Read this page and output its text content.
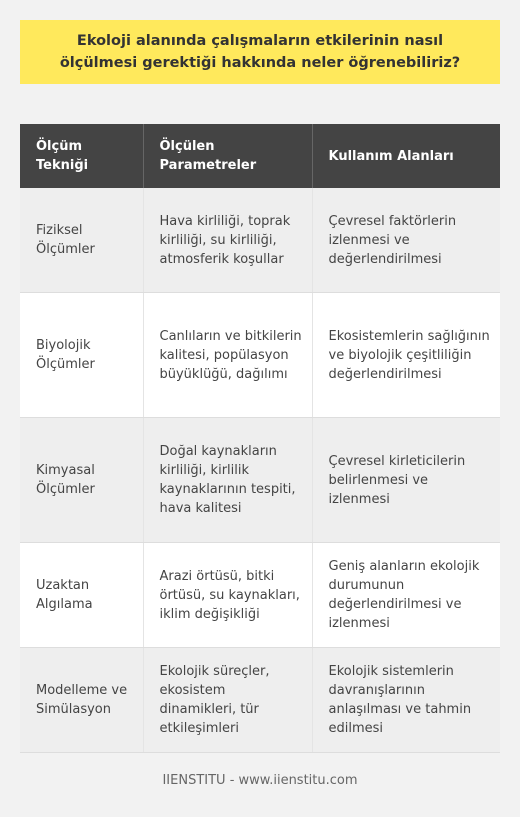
Ekoloji alanında çalışmaların etkilerinin nasıl ölçülmesi gerektiği hakkında neler öğrenebiliriz?
Ölçüm Tekniği	Ölçülen Parametreler	Kullanım Alanları
Fiziksel Ölçümler	Hava kirliliği, toprak kirliliği, su kirliliği, atmosferik koşullar	Çevresel faktörlerin izlenmesi ve değerlendirilmesi
Biyolojik Ölçümler	Canlıların ve bitkilerin kalitesi, popülasyon büyüklüğü, dağılımı	Ekosistemlerin sağlığının ve biyolojik çeşitliliğin değerlendirilmesi
Kimyasal Ölçümler	Doğal kaynakların kirliliği, kirlilik kaynaklarının tespiti, hava kalitesi	Çevresel kirleticilerin belirlenmesi ve izlenmesi
Uzaktan Algılama	Arazi örtüsü, bitki örtüsü, su kaynakları, iklim değişikliği	Geniş alanların ekolojik durumunun değerlendirilmesi ve izlenmesi
Modelleme ve Simülasyon	Ekolojik süreçler, ekosistem dinamikleri, tür etkileşimleri	Ekolojik sistemlerin davranışlarının anlaşılması ve tahmin edilmesi
IIENSTITU - www.iienstitu.com
